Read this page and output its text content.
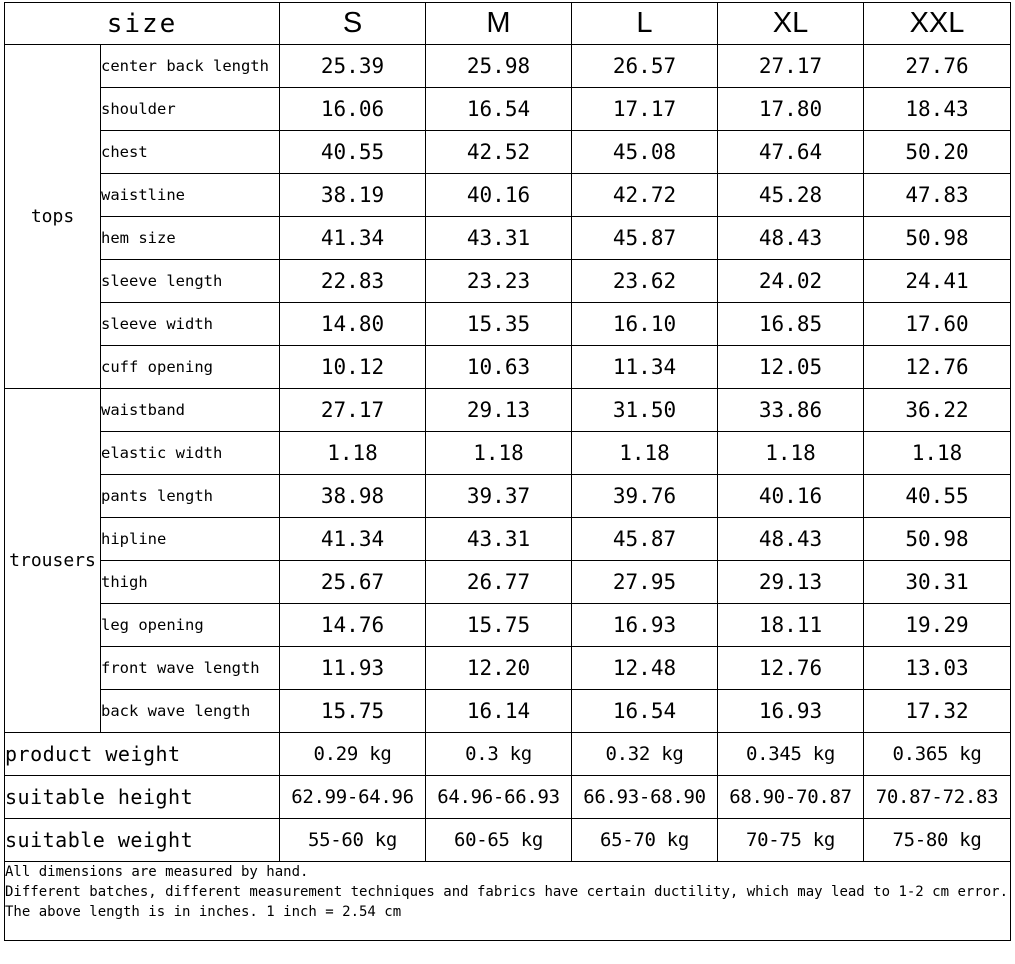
size		S	M	L	XL	XXL
tops	center back length	25.39	25.98	26.57	27.17	27.76
	shoulder	16.06	16.54	17.17	17.80	18.43
	chest	40.55	42.52	45.08	47.64	50.20
	waistline	38.19	40.16	42.72	45.28	47.83
	hem size	41.34	43.31	45.87	48.43	50.98
	sleeve length	22.83	23.23	23.62	24.02	24.41
	sleeve width	14.80	15.35	16.10	16.85	17.60
	cuff opening	10.12	10.63	11.34	12.05	12.76
trousers	waistband	27.17	29.13	31.50	33.86	36.22
	elastic width	1.18	1.18	1.18	1.18	1.18
	pants length	38.98	39.37	39.76	40.16	40.55
	hipline	41.34	43.31	45.87	48.43	50.98
	thigh	25.67	26.77	27.95	29.13	30.31
	leg opening	14.76	15.75	16.93	18.11	19.29
	front wave length	11.93	12.20	12.48	12.76	13.03
	back wave length	15.75	16.14	16.54	16.93	17.32
product weight		0.29 kg	0.3 kg	0.32 kg	0.345 kg	0.365 kg
suitable height		62.99-64.96	64.96-66.93	66.93-68.90	68.90-70.87	70.87-72.83
suitable weight		55-60 kg	60-65 kg	65-70 kg	70-75 kg	75-80 kg

All dimensions are measured by hand.
Different batches, different measurement techniques and fabrics have certain ductility, which may lead to 1-2 cm error.
The above length is in inches. 1 inch = 2.54 cm						
